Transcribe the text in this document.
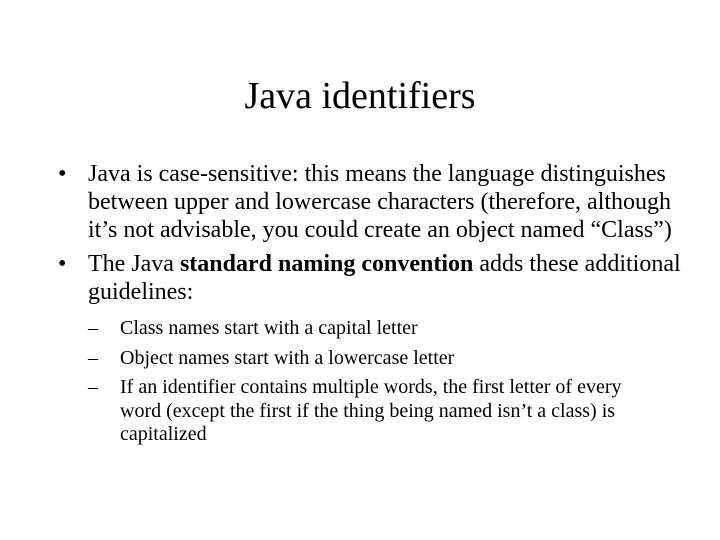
Java identifiers
• Java is case-sensitive: this means the language distinguishes between upper and lowercase characters (therefore, although it’s not advisable, you could create an object named “Class”)
• The Java standard naming convention adds these additional guidelines:
–	Class names start with a capital letter
–	Object names start with a lowercase letter
–	If an identifier contains multiple words, the first letter of every word (except the first if the thing being named isn’t a class) is capitalized
